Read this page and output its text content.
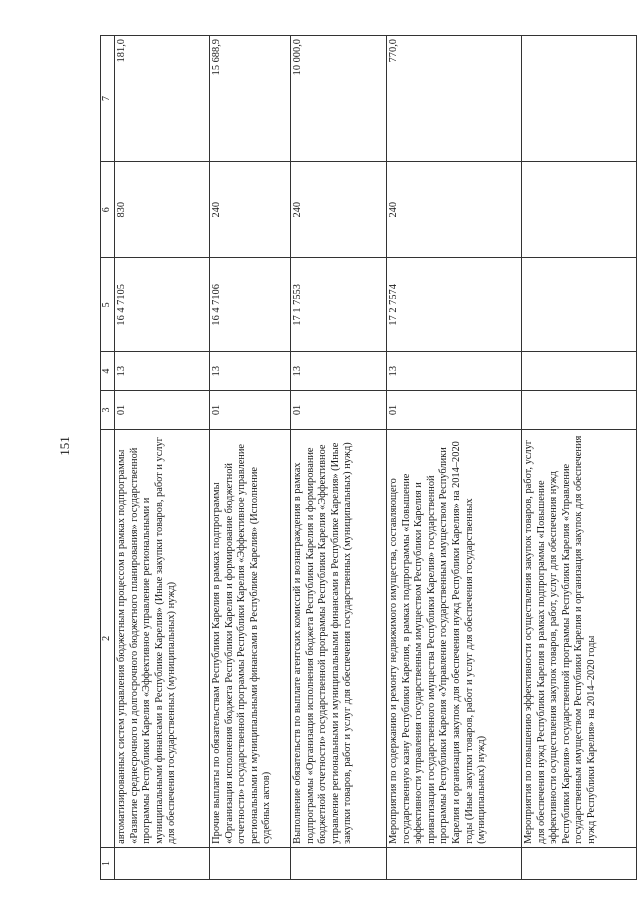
151
1	2	3	4	5	6	7
	автоматизированных систем управления бюджетным процессом в рамках подпрограммы «Развитие среднесрочного и долгосрочного бюджетного планирования» государственной программы Республики Карелия «Эффективное управление региональными и муниципальными финансами в Республике Карелия» (Иные закупки товаров, работ и услуг для обеспечения государственных (муниципальных) нужд)	01	13	16 4 7105	830	181,0
	Прочие выплаты по обязательствам Республики Карелия в рамках подпрограммы «Организация исполнения бюджета Республики Карелия и формирование бюджетной отчетности» государственной программы Республики Карелия «Эффективное управление региональными и муниципальными финансами в Республике Карелия» (Исполнение судебных актов)	01	13	16 4 7106	240	15 688,9
	Выполнение обязательств по выплате агентских комиссий и вознаграждения в рамках подпрограммы «Организация исполнения бюджета Республики Карелия и формирование бюджетной отчетности» государственной программы Республики Карелия «Эффективное управление региональными и муниципальными финансами в Республике Карелия» (Иные закупки товаров, работ и услуг для обеспечения государственных (муниципальных) нужд)	01	13	17 1 7553	240	10 000,0
	Мероприятия по содержанию и ремонту недвижимого имущества, составляющего государственную казну Республики Карелия, в рамках подпрограммы «Повышение эффективности управления государственным имуществом Республики Карелия и приватизации государственного имущества Республики Карелия» государственной программы Республики Карелия «Управление государственным имуществом Республики Карелия и организация закупок для обеспечения нужд Республики Карелия» на 2014–2020 годы (Иные закупки товаров, работ и услуг для обеспечения государственных (муниципальных) нужд)	01	13	17 2 7574	240	770,0
	Мероприятия по повышению эффективности осуществления закупок товаров, работ, услуг для обеспечения нужд Республики Карелия в рамках подпрограммы «Повышение эффективности осуществления закупок товаров, работ, услуг для обеспечения нужд Республики Карелия» государственной программы Республики Карелия «Управление государственным имуществом Республики Карелия и организация закупок для обеспечения нужд Республики Карелия» на 2014–2020 годы					
